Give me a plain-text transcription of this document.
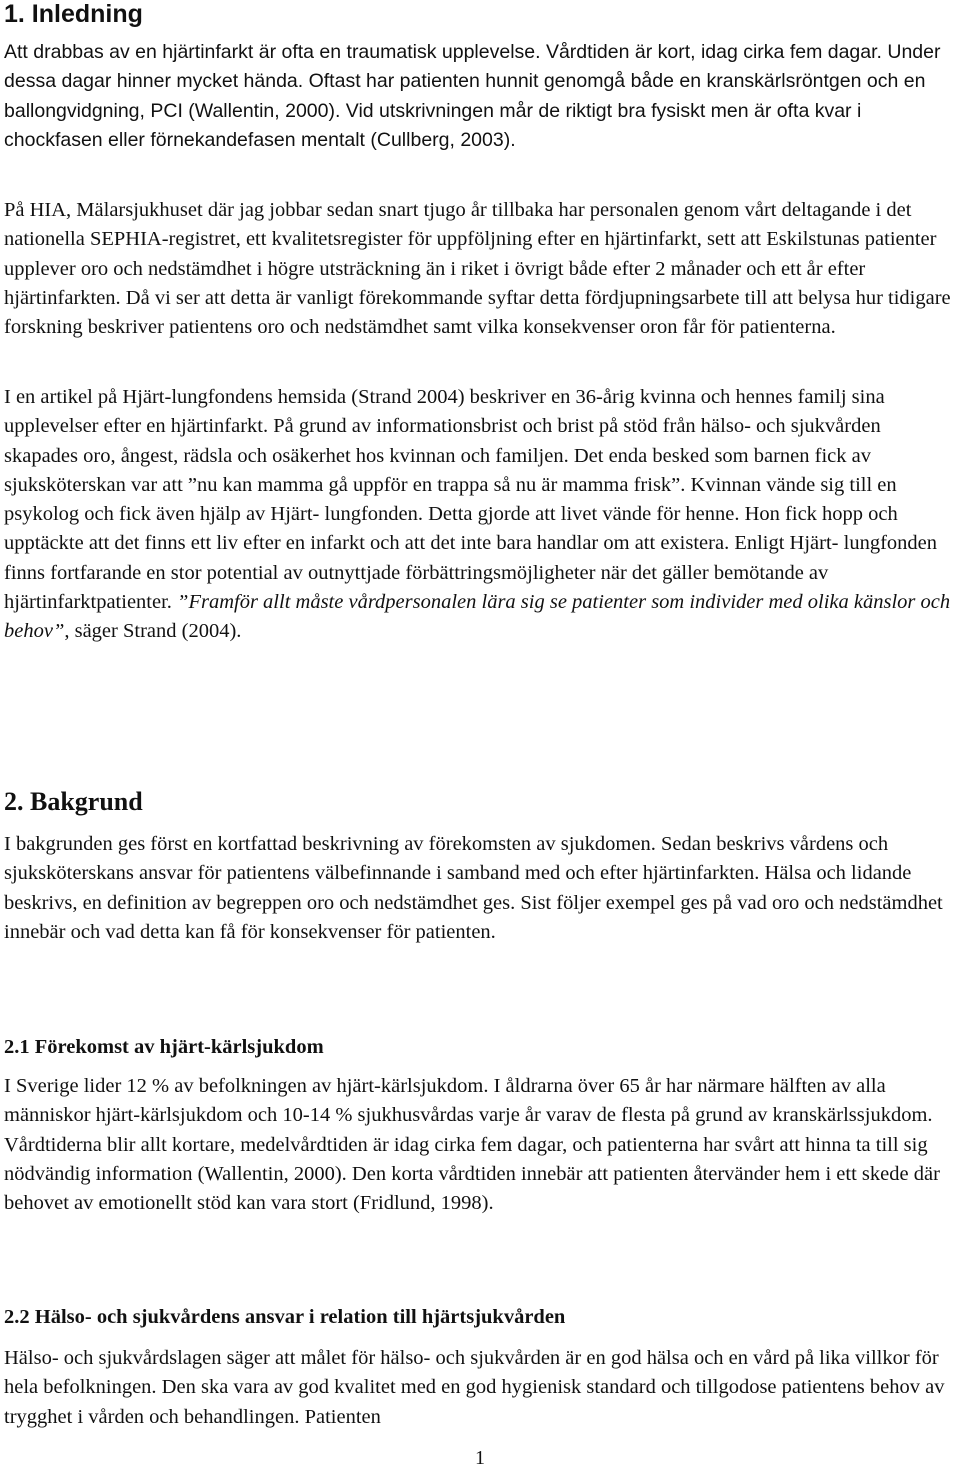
1. Inledning

Att drabbas av en hjärtinfarkt är ofta en traumatisk upplevelse. Vårdtiden är kort, idag cirka fem dagar. Under dessa dagar hinner mycket hända. Oftast har patienten hunnit genomgå både en kranskärlsröntgen och en ballongvidgning, PCI (Wallentin, 2000). Vid utskrivningen mår de riktigt bra fysiskt men är ofta kvar i chockfasen eller förnekandefasen mentalt (Cullberg, 2003).

På HIA, Mälarsjukhuset där jag jobbar sedan snart tjugo år tillbaka har personalen genom vårt deltagande i det nationella SEPHIA-registret, ett kvalitetsregister för uppföljning efter en hjärtinfarkt, sett att Eskilstunas patienter upplever oro och nedstämdhet i högre utsträckning än i riket i övrigt både efter 2 månader och ett år efter hjärtinfarkten. Då vi ser att detta är vanligt förekommande syftar detta fördjupningsarbete till att belysa hur tidigare forskning beskriver patientens oro och nedstämdhet samt vilka konsekvenser oron får för patienterna.

I en artikel på Hjärt-lungfondens hemsida (Strand 2004) beskriver en 36-årig kvinna och hennes familj sina upplevelser efter en hjärtinfarkt. På grund av informationsbrist och brist på stöd från hälso- och sjukvården skapades oro, ångest, rädsla och osäkerhet hos kvinnan och familjen. Det enda besked som barnen fick av sjuksköterskan var att ”nu kan mamma gå uppför en trappa så nu är mamma frisk”. Kvinnan vände sig till en psykolog och fick även hjälp av Hjärt- lungfonden. Detta gjorde att livet vände för henne. Hon fick hopp och upptäckte att det finns ett liv efter en infarkt och att det inte bara handlar om att existera. Enligt Hjärt- lungfonden finns fortfarande en stor potential av outnyttjade förbättringsmöjligheter när det gäller bemötande av hjärtinfarktpatienter. ”Framför allt måste vårdpersonalen lära sig se patienter som individer med olika känslor och behov”, säger Strand (2004).

2. Bakgrund

I bakgrunden ges först en kortfattad beskrivning av förekomsten av sjukdomen. Sedan beskrivs vårdens och sjuksköterskans ansvar för patientens välbefinnande i samband med och efter hjärtinfarkten. Hälsa och lidande beskrivs, en definition av begreppen oro och nedstämdhet ges. Sist följer exempel ges på vad oro och nedstämdhet innebär och vad detta kan få för konsekvenser för patienten.

2.1 Förekomst av hjärt-kärlsjukdom

I Sverige lider 12 % av befolkningen av hjärt-kärlsjukdom. I åldrarna över 65 år har närmare hälften av alla människor hjärt-kärlsjukdom och 10-14 % sjukhusvårdas varje år varav de flesta på grund av kranskärlssjukdom. Vårdtiderna blir allt kortare, medelvårdtiden är idag cirka fem dagar, och patienterna har svårt att hinna ta till sig nödvändig information (Wallentin, 2000). Den korta vårdtiden innebär att patienten återvänder hem i ett skede där behovet av emotionellt stöd kan vara stort (Fridlund, 1998).

2.2 Hälso- och sjukvårdens ansvar i relation till hjärtsjukvården

Hälso- och sjukvårdslagen säger att målet för hälso- och sjukvården är en god hälsa och en vård på lika villkor för hela befolkningen. Den ska vara av god kvalitet med en god hygienisk standard och tillgodose patientens behov av trygghet i vården och behandlingen. Patienten

1
